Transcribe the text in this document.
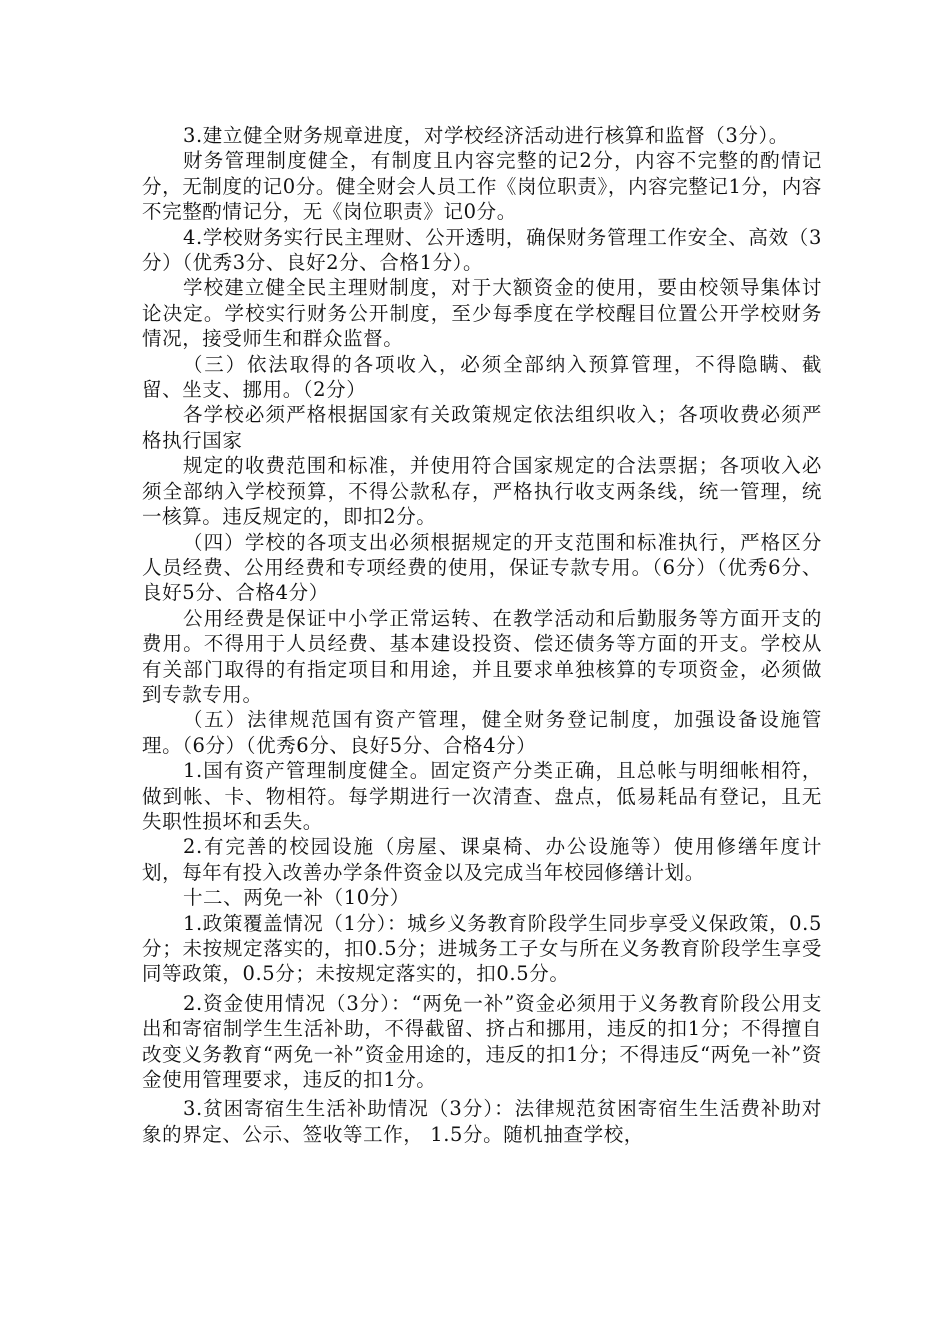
3.建立健全财务规章进度，对学校经济活动进行核算和监督（3分）。

财务管理制度健全，有制度且内容完整的记2分，内容不完整的酌情记分，无制度的记0分。健全财会人员工作《岗位职责》，内容完整记1分，内容不完整酌情记分，无《岗位职责》记0分。

4.学校财务实行民主理财、公开透明，确保财务管理工作安全、高效（3分）（优秀3分、良好2分、合格1分）。

学校建立健全民主理财制度，对于大额资金的使用，要由校领导集体讨论决定。学校实行财务公开制度，至少每季度在学校醒目位置公开学校财务情况，接受师生和群众监督。

（三）依法取得的各项收入，必须全部纳入预算管理，不得隐瞒、截留、坐支、挪用。（2分）

各学校必须严格根据国家有关政策规定依法组织收入；各项收费必须严格执行国家

规定的收费范围和标准，并使用符合国家规定的合法票据；各项收入必须全部纳入学校预算，不得公款私存，严格执行收支两条线，统一管理，统一核算。违反规定的，即扣2分。

（四）学校的各项支出必须根据规定的开支范围和标准执行，严格区分人员经费、公用经费和专项经费的使用，保证专款专用。（6分）（优秀6分、良好5分、合格4分）

公用经费是保证中小学正常运转、在教学活动和后勤服务等方面开支的费用。不得用于人员经费、基本建设投资、偿还债务等方面的开支。学校从有关部门取得的有指定项目和用途，并且要求单独核算的专项资金，必须做到专款专用。

（五）法律规范国有资产管理，健全财务登记制度，加强设备设施管理。（6分）（优秀6分、良好5分、合格4分）

1.国有资产管理制度健全。固定资产分类正确，且总帐与明细帐相符，做到帐、卡、物相符。每学期进行一次清查、盘点，低易耗品有登记，且无失职性损坏和丢失。

2.有完善的校园设施（房屋、课桌椅、办公设施等）使用修缮年度计划，每年有投入改善办学条件资金以及完成当年校园修缮计划。

十二、两免一补（10分）

1.政策覆盖情况（1分）：城乡义务教育阶段学生同步享受义保政策，0.5分；未按规定落实的，扣0.5分；进城务工子女与所在义务教育阶段学生享受同等政策，0.5分；未按规定落实的，扣0.5分。

2.资金使用情况（3分）：“两免一补”资金必须用于义务教育阶段公用支出和寄宿制学生生活补助，不得截留、挤占和挪用，违反的扣1分；不得擅自改变义务教育“两免一补”资金用途的，违反的扣1分；不得违反“两免一补”资金使用管理要求，违反的扣1分。

3.贫困寄宿生生活补助情况（3分）：法律规范贫困寄宿生生活费补助对象的界定、公示、签收等工作， 1.5分。随机抽查学校，
